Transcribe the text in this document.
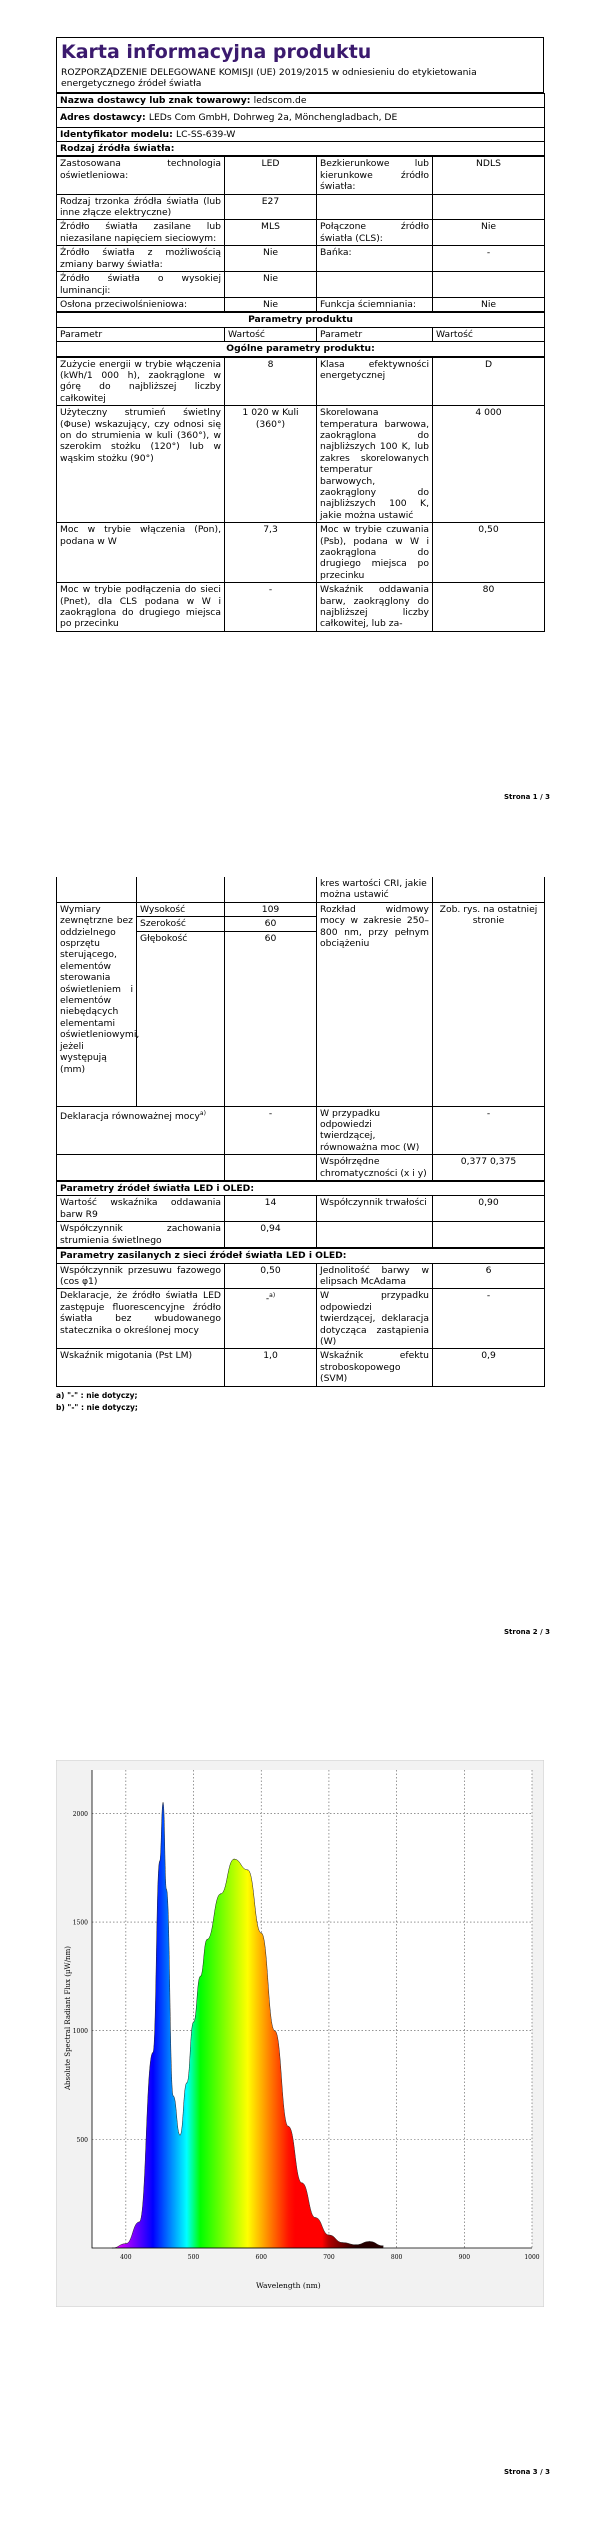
Karta informacyjna produktu
ROZPORZĄDZENIE DELEGOWANE KOMISJI (UE) 2019/2015 w odniesieniu do etykietowania energetycznego źródeł światła
Nazwa dostawcy lub znak towarowy: ledscom.de
Adres dostawcy: LEDs Com GmbH, Dohrweg 2a, Mönchengladbach, DE
Identyfikator modelu: LC-SS-639-W
Rodzaj źródła światła:
Zastosowana technologia oświetleniowa:	LED	Bezkierunkowe lub kierunkowe źródło światła:	NDLS
Rodzaj trzonka źródła światła (lub inne złącze elektryczne)	E27		
Źródło światła zasilane lub niezasilane napięciem sieciowym:	MLS	Połączone źródło światła (CLS):	Nie
Źródło światła z możliwością zmiany barwy światła:	Nie	Bańka:	-
Źródło światła o wysokiej luminancji:	Nie		
Osłona przeciwolśnieniowa:	Nie	Funkcja ściemniania:	Nie
Parametry produktu
Parametr	Wartość	Parametr	Wartość
Ogólne parametry produktu:
Zużycie energii w trybie włączenia (kWh/1 000 h), zaokrąglone w górę do najbliższej liczby całkowitej	8	Klasa efektywności energetycznej	D
Użyteczny strumień świetlny (Φuse) wskazujący, czy odnosi się on do strumienia w kuli (360°), w szerokim stożku (120°) lub w wąskim stożku (90°)	1 020 w Kuli (360°)	Skorelowana temperatura barwowa, zaokrąglona do najbliższych 100 K, lub zakres skorelowanych temperatur barwowych, zaokrąglony do najbliższych 100 K, jakie można ustawić	4 000
Moc w trybie włączenia (Pon), podana w W	7,3	Moc w trybie czuwania (Psb), podana w W i zaokrąglona do drugiego miejsca po przecinku	0,50
Moc w trybie podłączenia do sieci (Pnet), dla CLS podana w W i zaokrąglona do drugiego miejsca po przecinku	-	Wskaźnik oddawania barw, zaokrąglony do najbliższej liczby całkowitej, lub za-	80
Strona 1 / 3
			kres wartości CRI, jakie można ustawić	
Wymiary zewnętrzne bez oddzielnego osprzętu sterującego, elementów sterowania oświetleniem i elementów niebędących elementami oświetleniowymi, jeżeli występują (mm)	Wysokość	109	Rozkład widmowy mocy w zakresie 250–800 nm, przy pełnym obciążeniu	Zob. rys. na ostatniej stronie
	Szerokość	60		
	Głębokość	60		
Deklaracja równoważnej mocy$^{a)}$		-	W przypadku odpowiedzi twierdzącej, równoważna moc (W)	-
			Współrzędne chromatyczności (x i y)	0,377 0,375
Parametry źródeł światła LED i OLED:			
Wartość wskaźnika oddawania barw R9	14	Współczynnik trwałości	0,90
Współczynnik zachowania strumienia świetlnego	0,94		
Parametry zasilanych z sieci źródeł światła LED i OLED:			
Współczynnik przesuwu fazowego (cos φ1)	0,50	Jednolitość barwy w elipsach McAdama	6
Deklaracje, że źródło światła LED zastępuje fluorescencyjne źródło światła bez wbudowanego statecznika o określonej mocy	-$^{a)}$	W przypadku odpowiedzi twierdzącej, deklaracja dotycząca zastąpienia (W)	-
Wskaźnik migotania (Pst LM)	1,0	Wskaźnik efektu stroboskopowego (SVM)	0,9
a) "-" : nie dotyczy;
b) "-" : nie dotyczy;
Strona 2 / 3
500
1000
1500
2000
400	500	600	700	800	900	1000
Absolute Spectral Radiant Flux (µW/nm)
Wavelength (nm)
Strona 3 / 3
